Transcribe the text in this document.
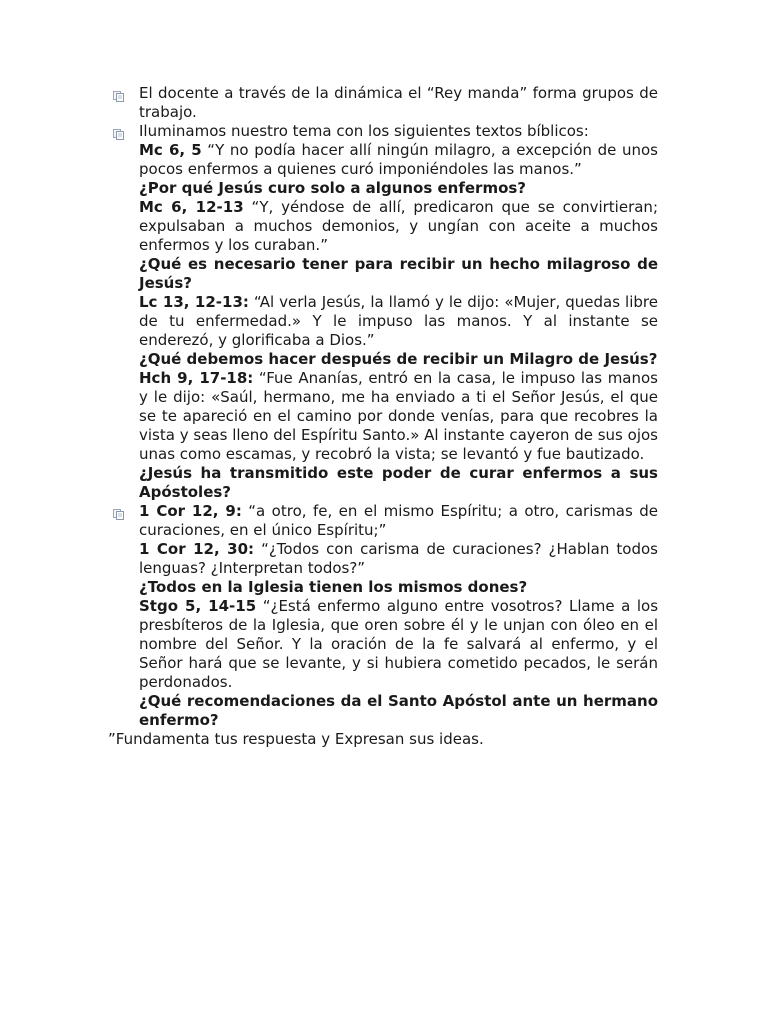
El docente a través de la dinámica el “Rey manda” forma grupos de trabajo.

Iluminamos nuestro tema con los siguientes textos bíblicos:

Mc 6, 5 “Y no podía hacer allí ningún milagro, a excepción de unos pocos enfermos a quienes curó imponiéndoles las manos.”

¿Por qué Jesús curo solo a algunos enfermos?

Mc 6, 12-13 “Y, yéndose de allí, predicaron que se convirtieran; expulsaban a muchos demonios, y ungían con aceite a muchos enfermos y los curaban.”

¿Qué es necesario tener para recibir un hecho milagroso de Jesús?

Lc 13, 12-13: “Al verla Jesús, la llamó y le dijo: «Mujer, quedas libre de tu enfermedad.» Y le impuso las manos. Y al instante se enderezó, y glorificaba a Dios.”

¿Qué debemos hacer después de recibir un Milagro de Jesús?

Hch 9, 17-18: “Fue Ananías, entró en la casa, le impuso las manos y le dijo: «Saúl, hermano, me ha enviado a ti el Señor Jesús, el que se te apareció en el camino por donde venías, para que recobres la vista y seas lleno del Espíritu Santo.» Al instante cayeron de sus ojos unas como escamas, y recobró la vista; se levantó y fue bautizado.

¿Jesús ha transmitido este poder de curar enfermos a sus Apóstoles?

1 Cor 12, 9: “a otro, fe, en el mismo Espíritu; a otro, carismas de curaciones, en el único Espíritu;”

1 Cor 12, 30: “¿Todos con carisma de curaciones? ¿Hablan todos lenguas? ¿Interpretan todos?”

¿Todos en la Iglesia tienen los mismos dones?

Stgo 5, 14-15 “¿Está enfermo alguno entre vosotros? Llame a los presbíteros de la Iglesia, que oren sobre él y le unjan con óleo en el nombre del Señor. Y la oración de la fe salvará al enfermo, y el Señor hará que se levante, y si hubiera cometido pecados, le serán perdonados.

¿Qué recomendaciones da el Santo Apóstol ante un hermano enfermo?

”Fundamenta tus respuesta y Expresan sus ideas.
